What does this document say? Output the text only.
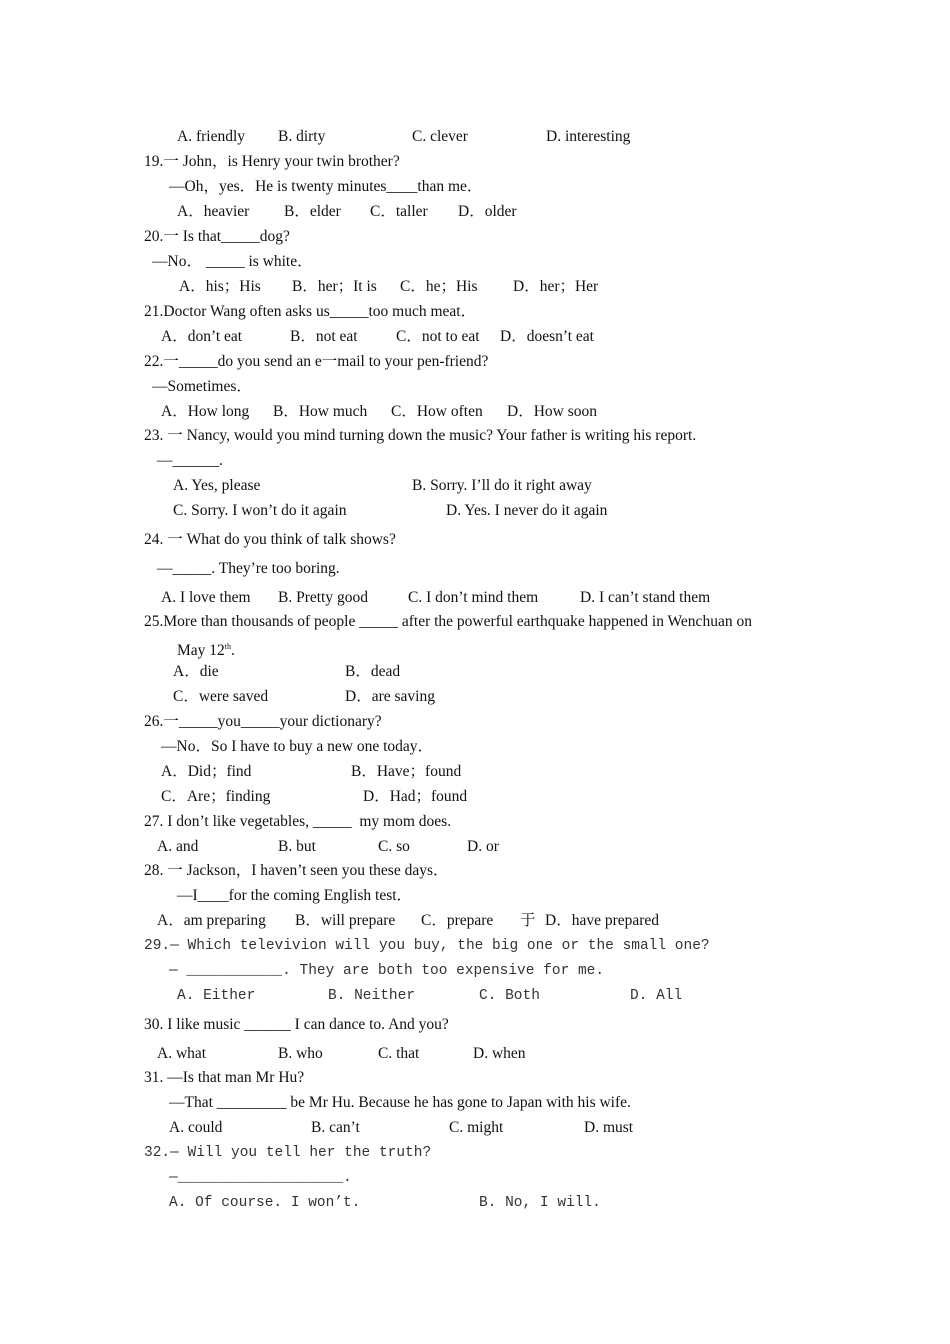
A. friendly B. dirty	C. clever	D. interesting
19.一 John，is Henry your twin brother?
—Oh，yes．He is twenty minutes____than me．
A．heavier B．elder C．taller D．older
20.一 Is that_____dog?
—No． _____ is white．
A．his；His B．her；It is C．he；His D．her；Her
21.Doctor Wang often asks us_____too much meat．
A．don’t eat	B．not eat C．not to eat D．doesn’t eat
22.一_____do you send an e一mail to your pen-friend?
—Sometimes．
A．How long B．How much C．How often D．How soon
23. 一 Nancy, would you mind turning down the music? Your father is writing his report.
—______.
A. Yes, please	B. Sorry. I’ll do it right away
C. Sorry. I won’t do it again	D. Yes. I never do it again
24. 一 What do you think of talk shows?
—_____. They’re too boring.
A. I love them B. Pretty good	C. I don’t mind them	D. I can’t stand them
25.More than thousands of people _____ after the powerful earthquake happened in Wenchuan on
May 12th.
A．die	B．dead
C．were saved	D．are saving
26.一_____you_____your dictionary?
—No．So I have to buy a new one today．
A．Did；find	B．Have；found
C．Are；finding	D．Had；found
27. I don’t like vegetables, _____  my mom does.
A. and	B. but	C. so	D. or
28. 一 Jackson，I haven’t seen you these days．
—I____for the coming English test．
A．am preparing B．will prepare C．prepare 于 D．have prepared
29.— Which televivion will you buy, the big one or the small one?
— ___________. They are both too expensive for me.
A. Either	B. Neither	C. Both	D. All
30. I like music ______ I can dance to. And you?
A. what	B. who	C. that	D. when
31. —Is that man Mr Hu?
—That _________ be Mr Hu. Because he has gone to Japan with his wife.
A. could	B. can’t	C. might	D. must
32.— Will you tell her the truth?
—___________________.
A. Of course. I won’t.	B. No, I will.
